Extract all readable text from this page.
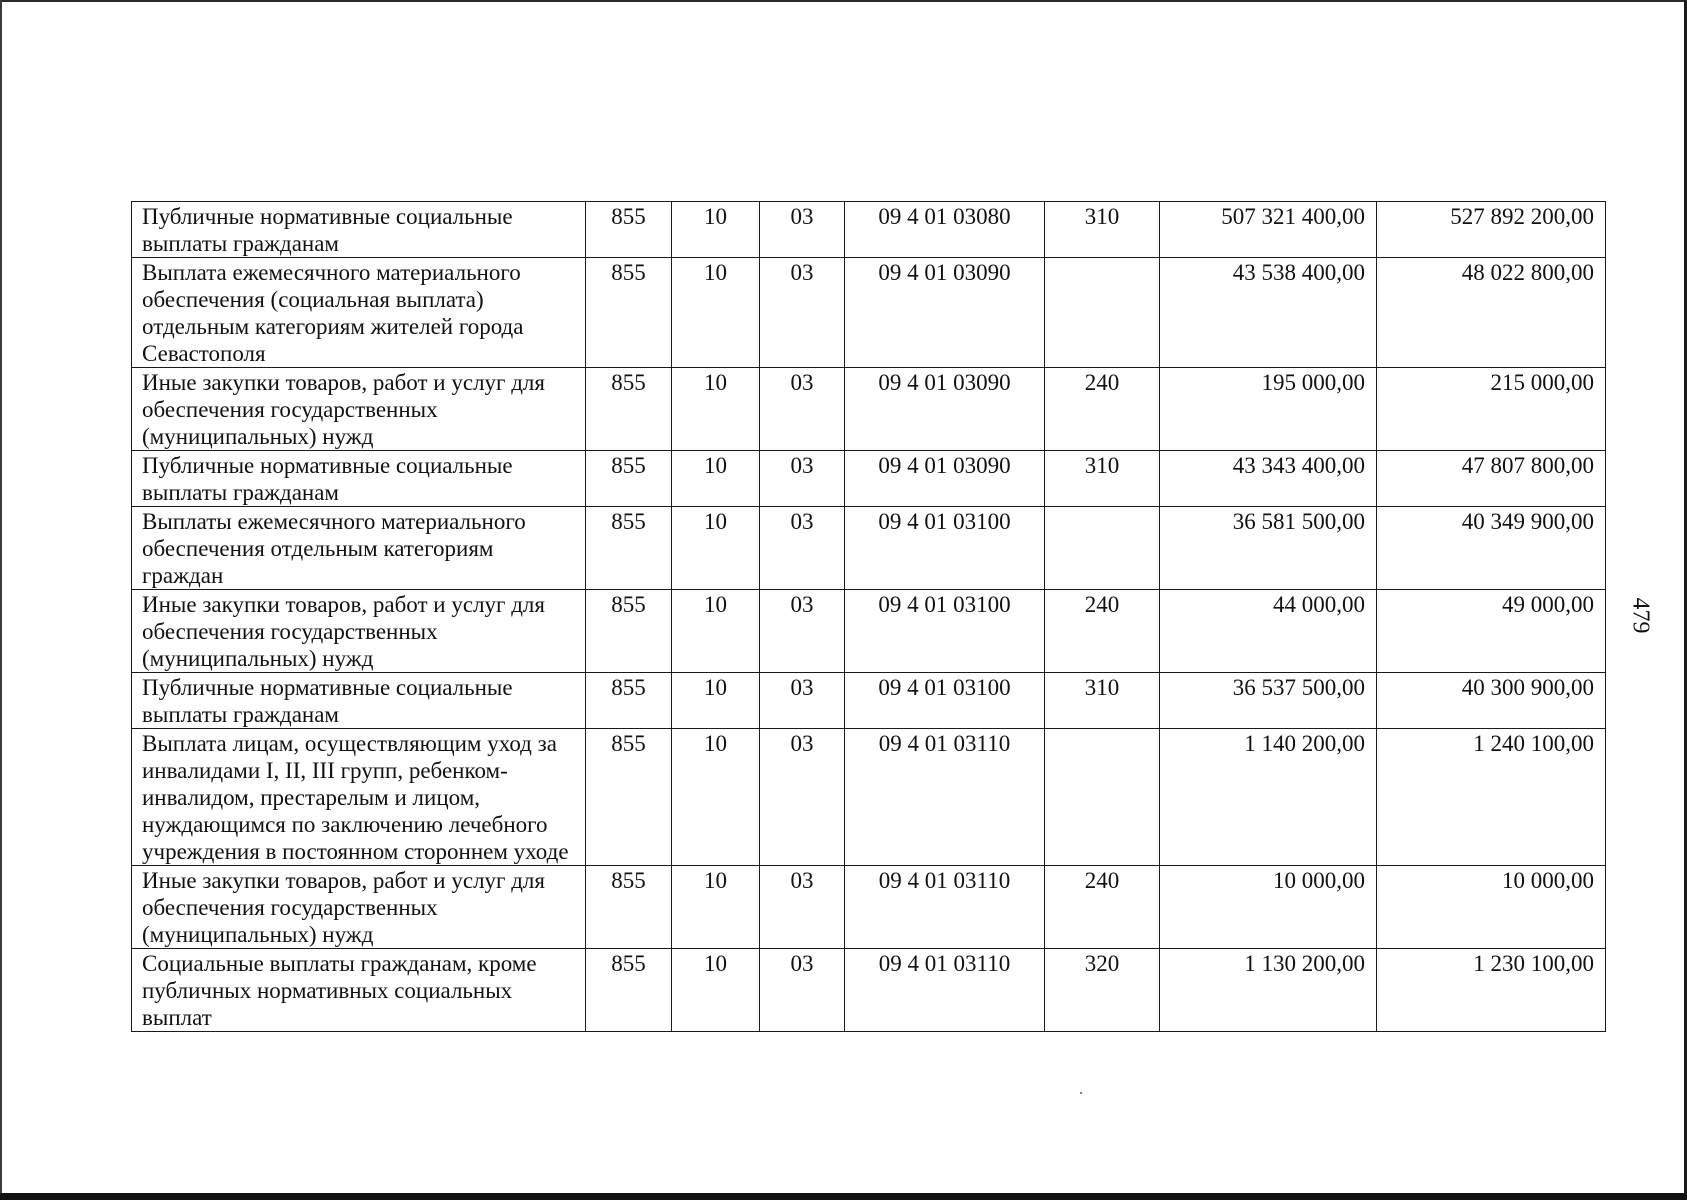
Публичные нормативные социальные выплаты гражданам	855	10	03	09 4 01 03080	310	507 321 400,00	527 892 200,00
Выплата ежемесячного материального обеспечения (социальная выплата) отдельным категориям жителей города Севастополя	855	10	03	09 4 01 03090		43 538 400,00	48 022 800,00
Иные закупки товаров, работ и услуг для обеспечения государственных (муниципальных) нужд	855	10	03	09 4 01 03090	240	195 000,00	215 000,00
Публичные нормативные социальные выплаты гражданам	855	10	03	09 4 01 03090	310	43 343 400,00	47 807 800,00
Выплаты ежемесячного материального обеспечения отдельным категориям граждан	855	10	03	09 4 01 03100		36 581 500,00	40 349 900,00
Иные закупки товаров, работ и услуг для обеспечения государственных (муниципальных) нужд	855	10	03	09 4 01 03100	240	44 000,00	49 000,00
Публичные нормативные социальные выплаты гражданам	855	10	03	09 4 01 03100	310	36 537 500,00	40 300 900,00
Выплата лицам, осуществляющим уход за инвалидами I, II, III групп, ребенком-инвалидом, престарелым и лицом, нуждающимся по заключению лечебного учреждения в постоянном стороннем уходе	855	10	03	09 4 01 03110		1 140 200,00	1 240 100,00
Иные закупки товаров, работ и услуг для обеспечения государственных (муниципальных) нужд	855	10	03	09 4 01 03110	240	10 000,00	10 000,00
Социальные выплаты гражданам, кроме публичных нормативных социальных выплат	855	10	03	09 4 01 03110	320	1 130 200,00	1 230 100,00
479
